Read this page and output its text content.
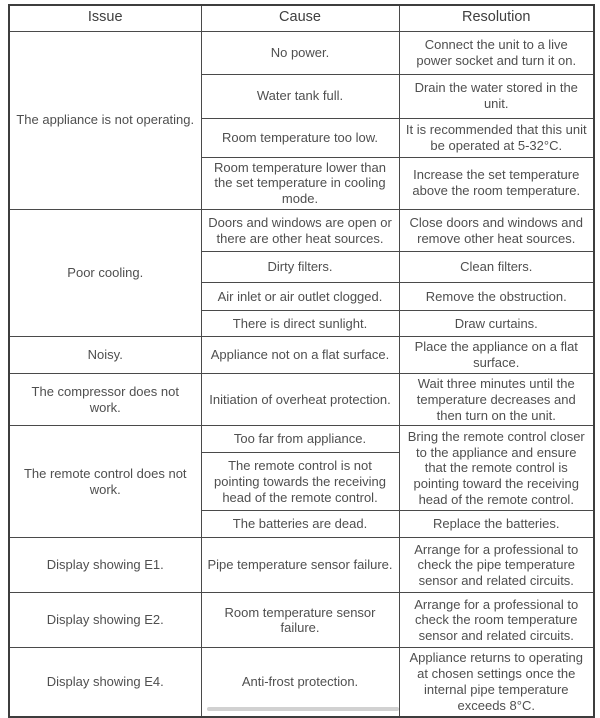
Issue	Cause	Resolution
The appliance is not operating.	No power.	Connect the unit to a live power socket and turn it on.
	Water tank full.	Drain the water stored in the unit.
	Room temperature too low.	It is recommended that this unit be operated at 5-32°C.
	Room temperature lower than the set temperature in cooling mode.	Increase the set temperature above the room temperature.
Poor cooling.	Doors and windows are open or there are other heat sources.	Close doors and windows and remove other heat sources.
	Dirty filters.	Clean filters.
	Air inlet or air outlet clogged.	Remove the obstruction.
	There is direct sunlight.	Draw curtains.
Noisy.	Appliance not on a flat surface.	Place the appliance on a flat surface.
The compressor does not work.	Initiation of overheat protection.	Wait three minutes until the temperature decreases and then turn on the unit.
The remote control does not work.	Too far from appliance.	Bring the remote control closer to the appliance and ensure that the remote control is pointing toward the receiving head of the remote control.
	The remote control is not pointing towards the receiving head of the remote control.	
	The batteries are dead.	Replace the batteries.
Display showing E1.	Pipe temperature sensor failure.	Arrange for a professional to check the pipe temperature sensor and related circuits.
Display showing E2.	Room temperature sensor failure.	Arrange for a professional to check the room temperature sensor and related circuits.
Display showing E4.	Anti-frost protection.	Appliance returns to operating at chosen settings once the internal pipe temperature exceeds 8°C.
